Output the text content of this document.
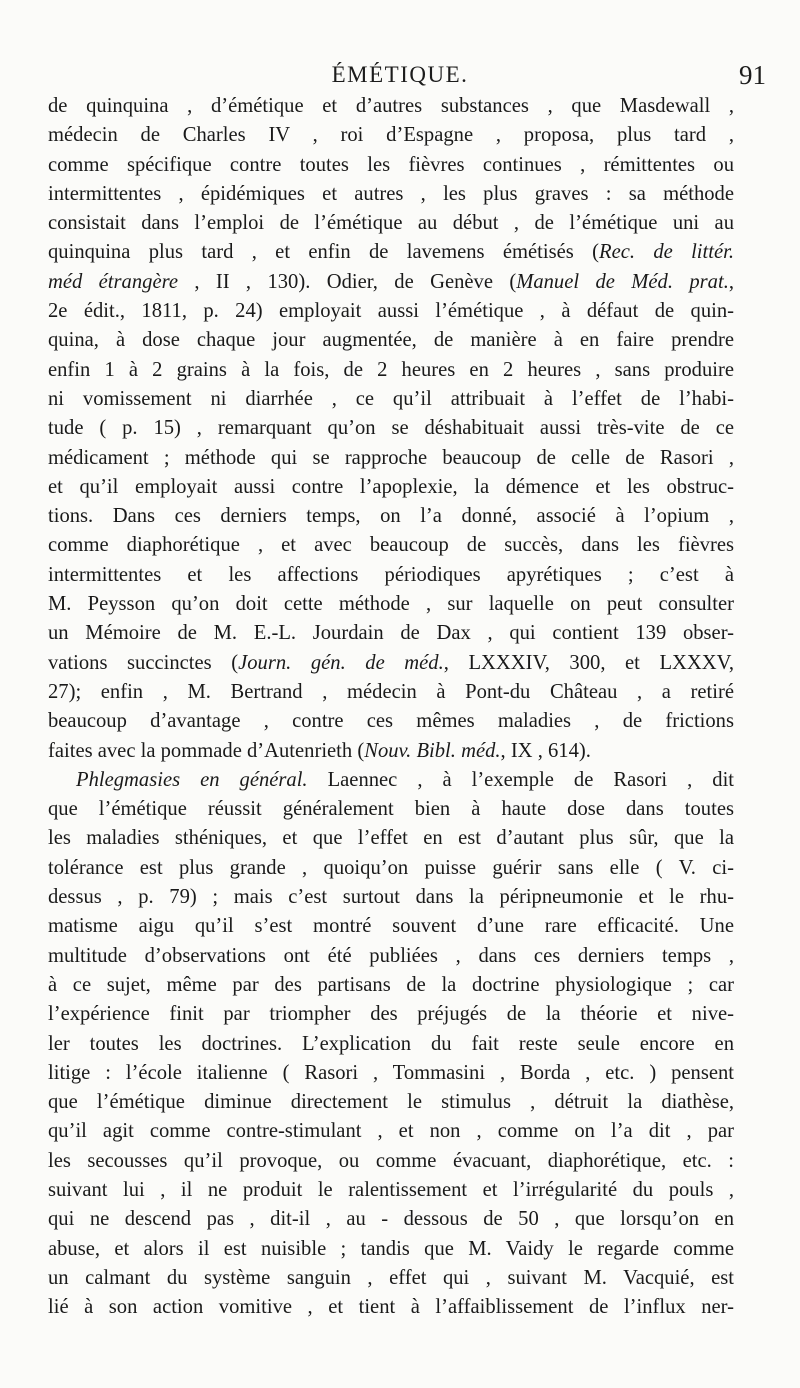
ÉMÉTIQUE.	91
de quinquina , d’émétique et d’autres substances , que Masdewall ,
médecin de Charles IV , roi d’Espagne , proposa, plus tard ,
comme spécifique contre toutes les fièvres continues , rémittentes ou
intermittentes , épidémiques et autres , les plus graves : sa méthode
consistait dans l’emploi de l’émétique au début , de l’émétique uni au
quinquina plus tard , et enfin de lavemens émétisés (Rec. de littér.
méd étrangère , II , 130). Odier, de Genève (Manuel de Méd. prat.,
2e édit., 1811, p. 24) employait aussi l’émétique , à défaut de quin-
quina, à dose chaque jour augmentée, de manière à en faire prendre
enfin 1 à 2 grains à la fois, de 2 heures en 2 heures , sans produire
ni vomissement ni diarrhée , ce qu’il attribuait à l’effet de l’habi-
tude ( p. 15) , remarquant qu’on se déshabituait aussi très-vite de ce
médicament ; méthode qui se rapproche beaucoup de celle de Rasori ,
et qu’il employait aussi contre l’apoplexie, la démence et les obstruc-
tions. Dans ces derniers temps, on l’a donné, associé à l’opium ,
comme diaphorétique , et avec beaucoup de succès, dans les fièvres
intermittentes et les affections périodiques apyrétiques ; c’est à
M. Peysson qu’on doit cette méthode , sur laquelle on peut consulter
un Mémoire de M. E.-L. Jourdain de Dax , qui contient 139 obser-
vations succinctes (Journ. gén. de méd., LXXXIV, 300, et LXXXV,
27); enfin , M. Bertrand , médecin à Pont-du Château , a retiré
beaucoup d’avantage , contre ces mêmes maladies , de frictions
faites avec la pommade d’Autenrieth (Nouv. Bibl. méd., IX , 614).
Phlegmasies en général. Laennec , à l’exemple de Rasori , dit
que l’émétique réussit généralement bien à haute dose dans toutes
les maladies sthéniques, et que l’effet en est d’autant plus sûr, que la
tolérance est plus grande , quoiqu’on puisse guérir sans elle ( V. ci-
dessus , p. 79) ; mais c’est surtout dans la péripneumonie et le rhu-
matisme aigu qu’il s’est montré souvent d’une rare efficacité. Une
multitude d’observations ont été publiées , dans ces derniers temps ,
à ce sujet, même par des partisans de la doctrine physiologique ; car
l’expérience finit par triompher des préjugés de la théorie et nive-
ler toutes les doctrines. L’explication du fait reste seule encore en
litige : l’école italienne ( Rasori , Tommasini , Borda , etc. ) pensent
que l’émétique diminue directement le stimulus , détruit la diathèse,
qu’il agit comme contre-stimulant , et non , comme on l’a dit , par
les secousses qu’il provoque, ou comme évacuant, diaphorétique, etc. :
suivant lui , il ne produit le ralentissement et l’irrégularité du pouls ,
qui ne descend pas , dit-il , au - dessous de 50 , que lorsqu’on en
abuse, et alors il est nuisible ; tandis que M. Vaidy le regarde comme
un calmant du système sanguin , effet qui , suivant M. Vacquié, est
lié à son action vomitive , et tient à l’affaiblissement de l’influx ner-
